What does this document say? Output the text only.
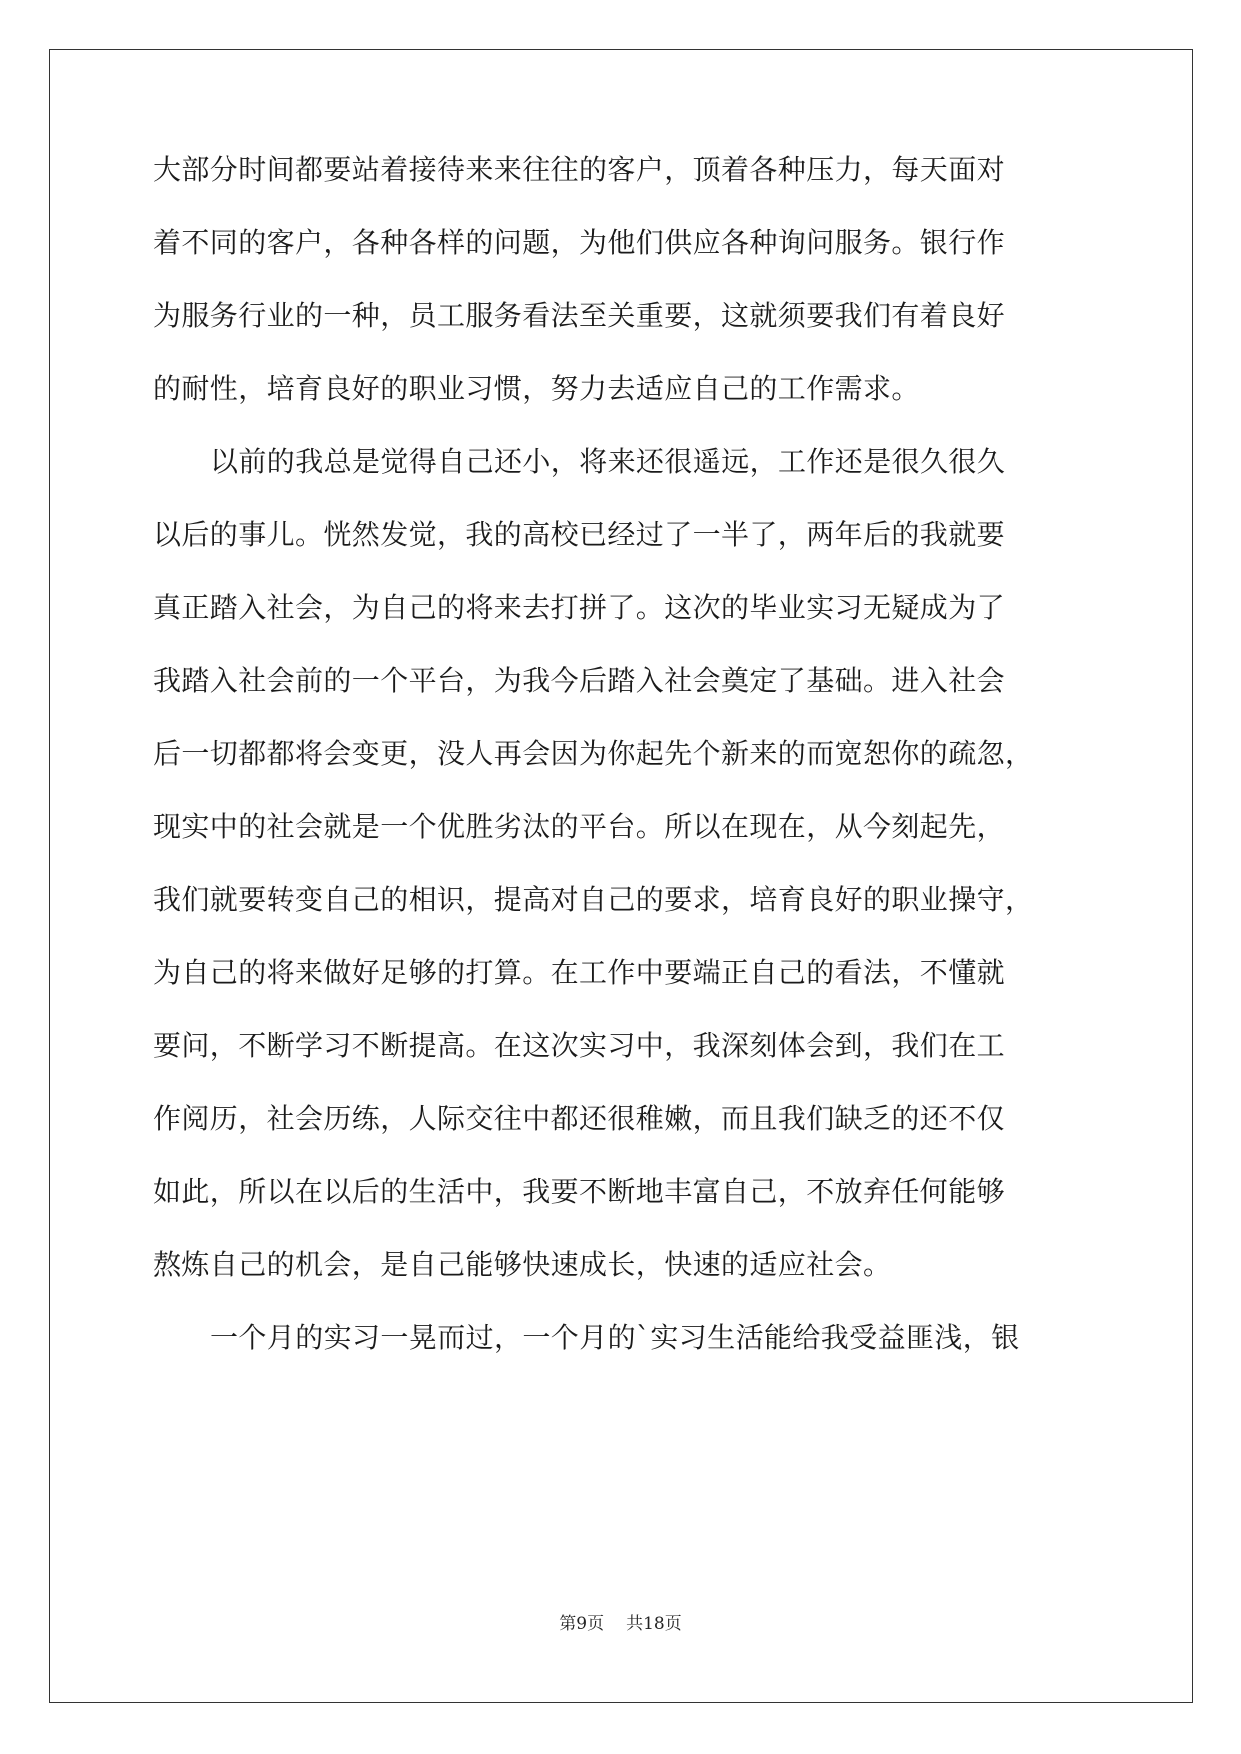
大部分时间都要站着接待来来往往的客户，顶着各种压力，每天面对
着不同的客户，各种各样的问题，为他们供应各种询问服务。银行作
为服务行业的一种，员工服务看法至关重要，这就须要我们有着良好
的耐性，培育良好的职业习惯，努力去适应自己的工作需求。
以前的我总是觉得自己还小，将来还很遥远，工作还是很久很久
以后的事儿。恍然发觉，我的高校已经过了一半了，两年后的我就要
真正踏入社会，为自己的将来去打拼了。这次的毕业实习无疑成为了
我踏入社会前的一个平台，为我今后踏入社会奠定了基础。进入社会
后一切都都将会变更，没人再会因为你起先个新来的而宽恕你的疏忽，
现实中的社会就是一个优胜劣汰的平台。所以在现在，从今刻起先，
我们就要转变自己的相识，提高对自己的要求，培育良好的职业操守，
为自己的将来做好足够的打算。在工作中要端正自己的看法，不懂就
要问，不断学习不断提高。在这次实习中，我深刻体会到，我们在工
作阅历，社会历练，人际交往中都还很稚嫩，而且我们缺乏的还不仅
如此，所以在以后的生活中，我要不断地丰富自己，不放弃任何能够
熬炼自己的机会，是自己能够快速成长，快速的适应社会。
一个月的实习一晃而过，一个月的`实习生活能给我受益匪浅，银
第9页 共18页
